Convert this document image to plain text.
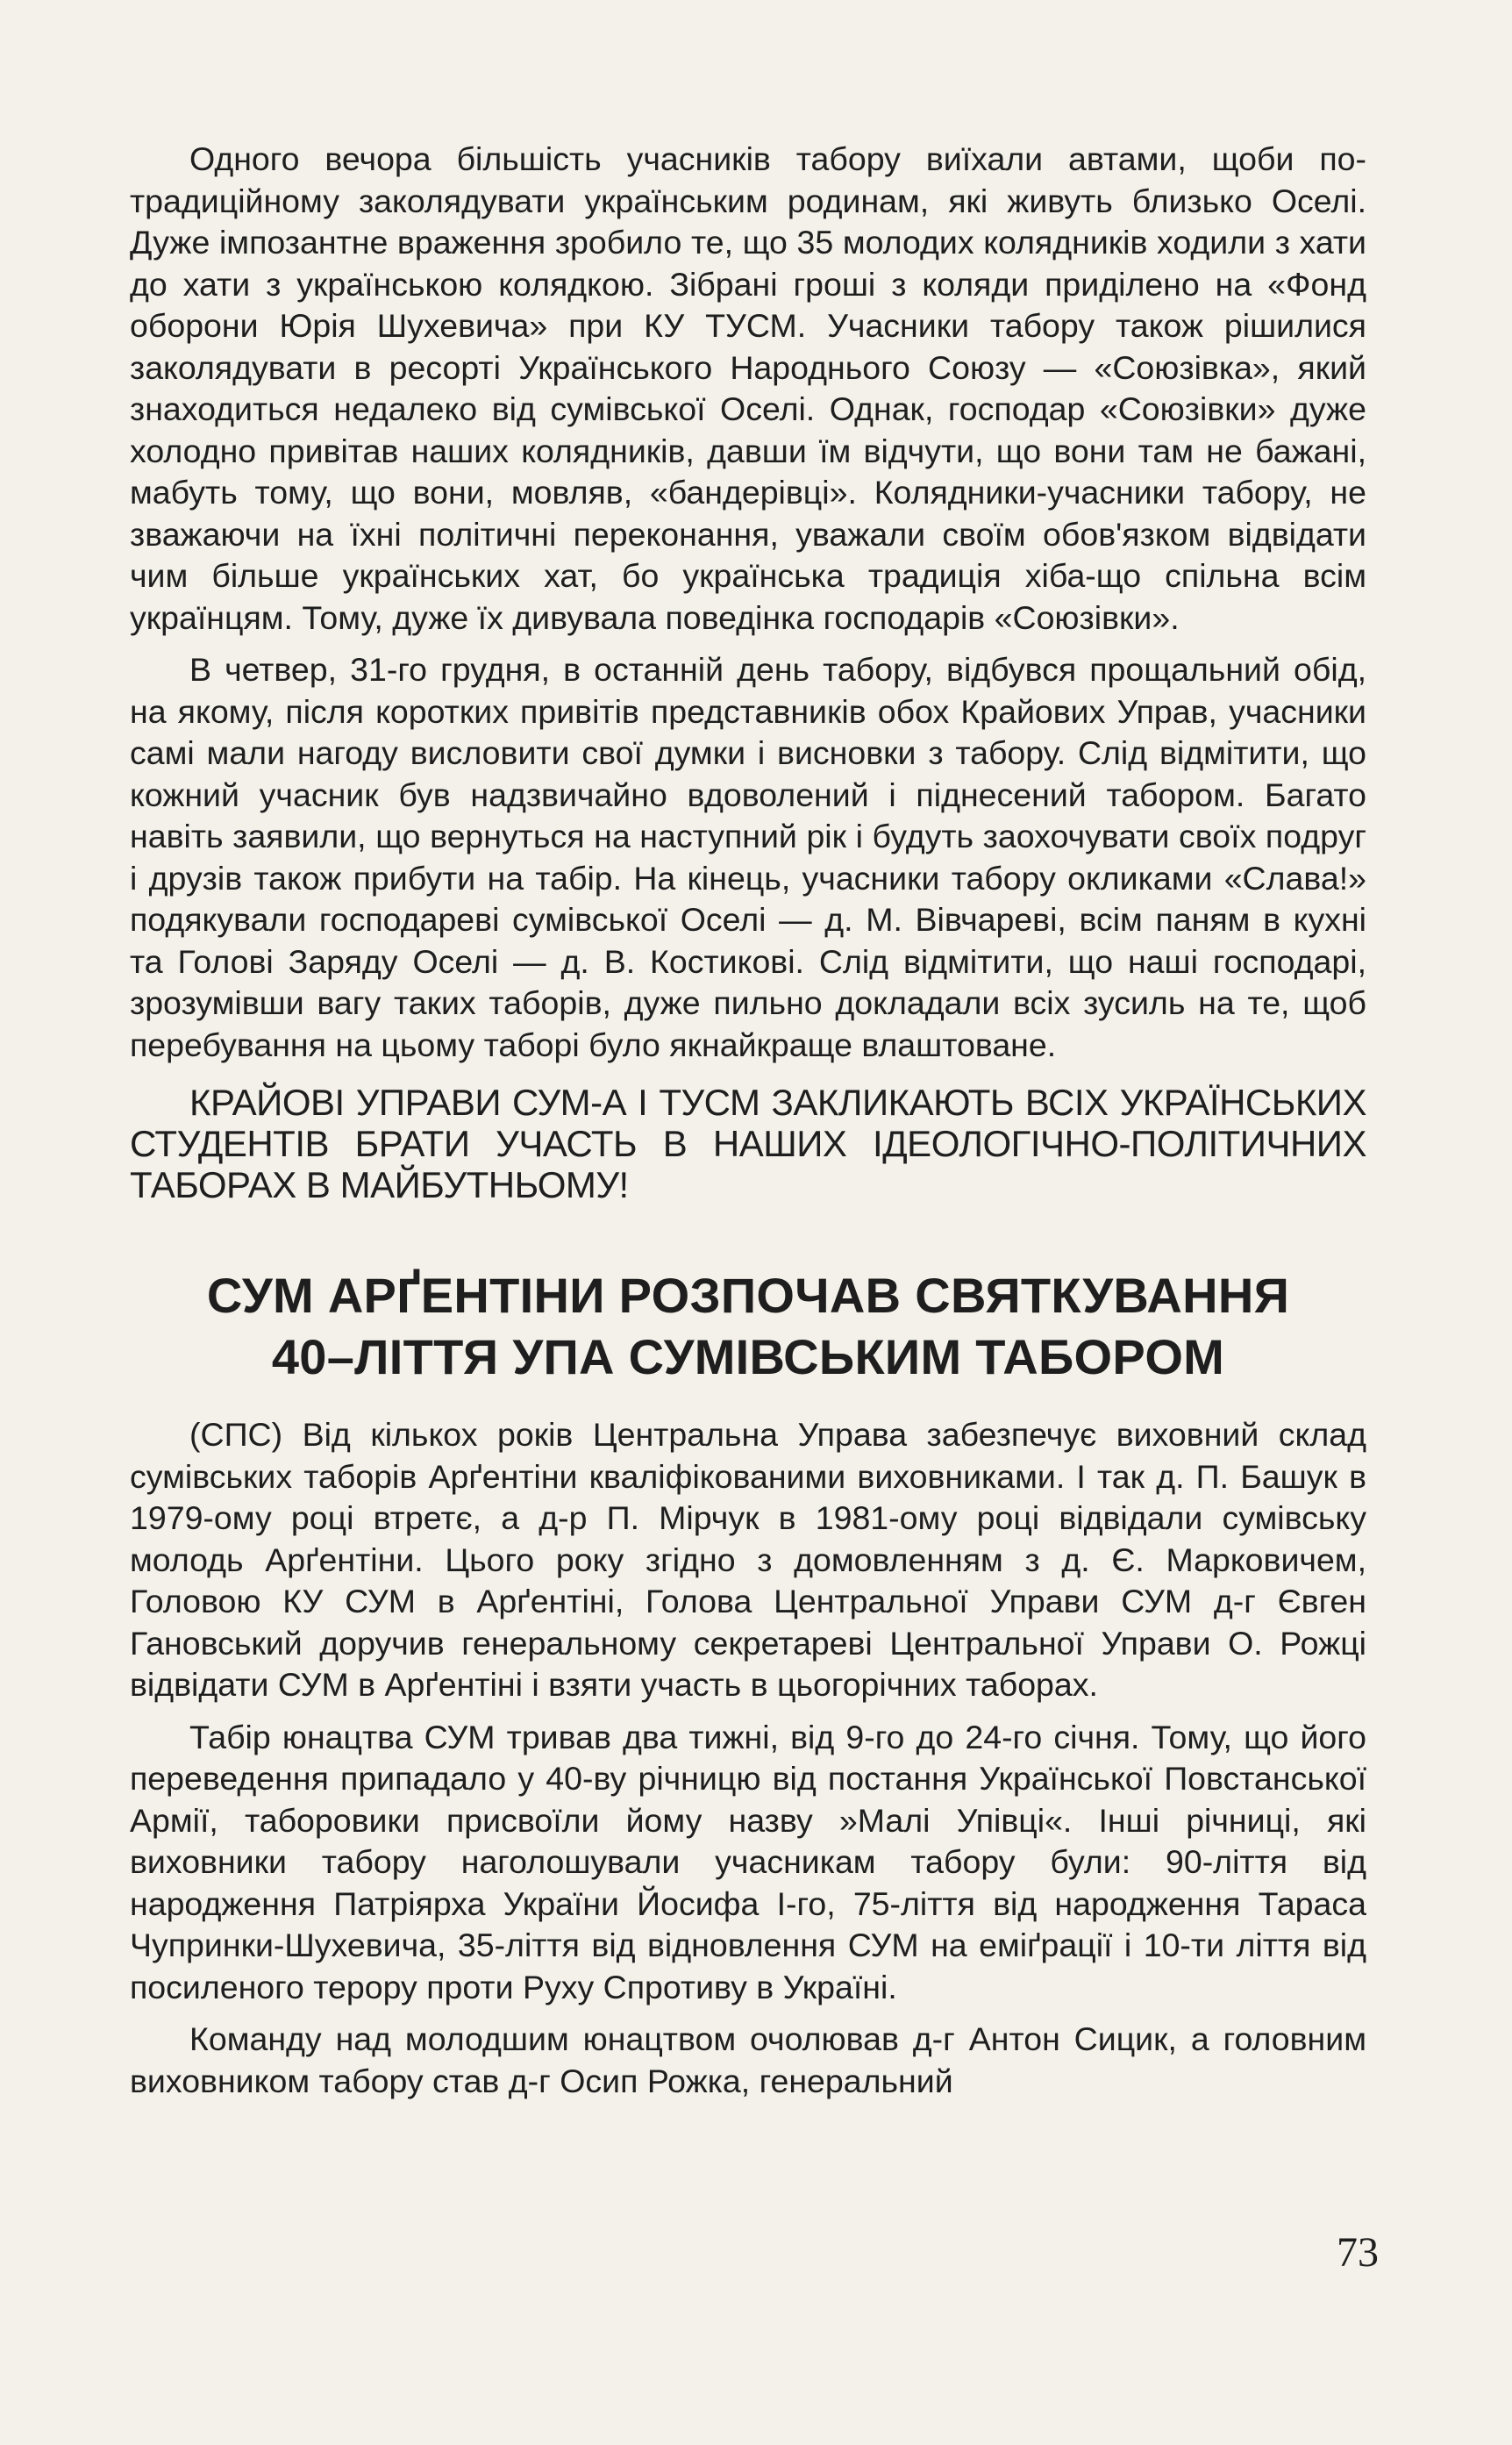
Одного вечора більшість учасників табору виїхали автами, щоби по-традиційному заколядувати українським родинам, які живуть близько Оселі. Дуже імпозантне враження зробило те, що 35 молодих колядників ходили з хати до хати з українською колядкою. Зібрані гроші з коляди приділено на «Фонд оборони Юрія Шухевича» при КУ ТУСМ. Учасники табору також рішилися заколядувати в ресорті Українського Народнього Союзу — «Союзівка», який знаходиться недалеко від сумівської Оселі. Однак, господар «Союзівки» дуже холодно привітав наших колядників, давши їм відчути, що вони там не бажані, мабуть тому, що вони, мовляв, «бандерівці». Колядники-учасники табору, не зважаючи на їхні політичні переконання, уважали своїм обов'язком відвідати чим більше українських хат, бо українська традиція хіба-що спільна всім українцям. Тому, дуже їх дивувала поведінка господарів «Союзівки».

В четвер, 31-го грудня, в останній день табору, відбувся прощальний обід, на якому, після коротких привітів представників обох Крайових Управ, учасники самі мали нагоду висловити свої думки і висновки з табору. Слід відмітити, що кожний учасник був надзвичайно вдоволений і піднесений табором. Багато навіть заявили, що вернуться на наступний рік і будуть заохочувати своїх подруг і друзів також прибути на табір. На кінець, учасники табору окликами «Слава!» подякували господареві сумівської Оселі — д. М. Вівчареві, всім паням в кухні та Голові Заряду Оселі — д. В. Костикові. Слід відмітити, що наші господарі, зрозумівши вагу таких таборів, дуже пильно докладали всіх зусиль на те, щоб перебування на цьому таборі було якнайкраще влаштоване.

КРАЙОВІ УПРАВИ СУМ-А І ТУСМ ЗАКЛИКАЮТЬ ВСІХ УКРАЇНСЬКИХ СТУДЕНТІВ БРАТИ УЧАСТЬ В НАШИХ ІДЕОЛОГІЧНО-ПОЛІТИЧНИХ ТАБОРАХ В МАЙБУТНЬОМУ!

СУМ АРҐЕНТІНИ РОЗПОЧАВ СВЯТКУВАННЯ
40–ЛІТТЯ УПА СУМІВСЬКИМ ТАБОРОМ

(СПС) Від кількох років Центральна Управа забезпечує виховний склад сумівських таборів Арґентіни кваліфікованими виховниками. І так д. П. Башук в 1979-ому році втретє, а д-р П. Мірчук в 1981-ому році відвідали сумівську молодь Арґентіни. Цього року згідно з домовленням з д. Є. Марковичем, Головою КУ СУМ в Арґентіні, Голова Центральної Управи СУМ д-г Євген Гановський доручив генеральному секретареві Центральної Управи О. Рожці відвідати СУМ в Арґентіні і взяти участь в цьогорічних таборах.

Табір юнацтва СУМ тривав два тижні, від 9-го до 24-го січня. Тому, що його переведення припадало у 40-ву річницю від постання Української Повстанської Армії, таборовики присвоїли йому назву »Малі Упівці«. Інші річниці, які виховники табору наголошували учасникам табору були: 90-ліття від народження Патріярха України Йосифа І-го, 75-ліття від народження Тараса Чупринки-Шухевича, 35-ліття від відновлення СУМ на еміґрації і 10-ти ліття від посиленого терору проти Руху Спротиву в Україні.

Команду над молодшим юнацтвом очолював д-г Антон Сицик, а головним виховником табору став д-г Осип Рожка, генеральний

73
